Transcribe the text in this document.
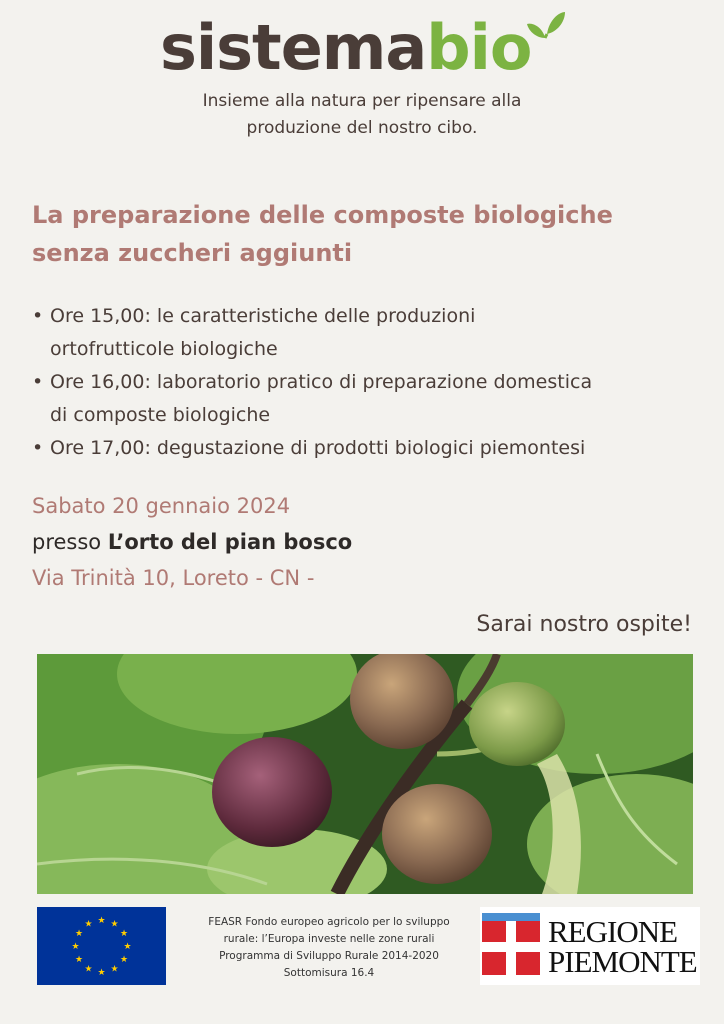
sistemabio
Insieme alla natura per ripensare alla
produzione del nostro cibo.
La preparazione delle composte biologiche
senza zuccheri aggiunti
• Ore 15,00: le caratteristiche delle produzioni
ortofrutticole biologiche
• Ore 16,00: laboratorio pratico di preparazione domestica
di composte biologiche
• Ore 17,00: degustazione di prodotti biologici piemontesi
Sabato 20 gennaio 2024
presso L’orto del pian bosco
Via Trinità 10, Loreto - CN -
Sarai nostro ospite!
★ ★
★
★
★
★
★
★
★
★
★
★	FEASR Fondo europeo agricolo per lo sviluppo
rurale: l’Europa investe nelle zone rurali
Programma di Sviluppo Rurale 2014-2020
Sottomisura 16.4
REGIONE
PIEMONTE
